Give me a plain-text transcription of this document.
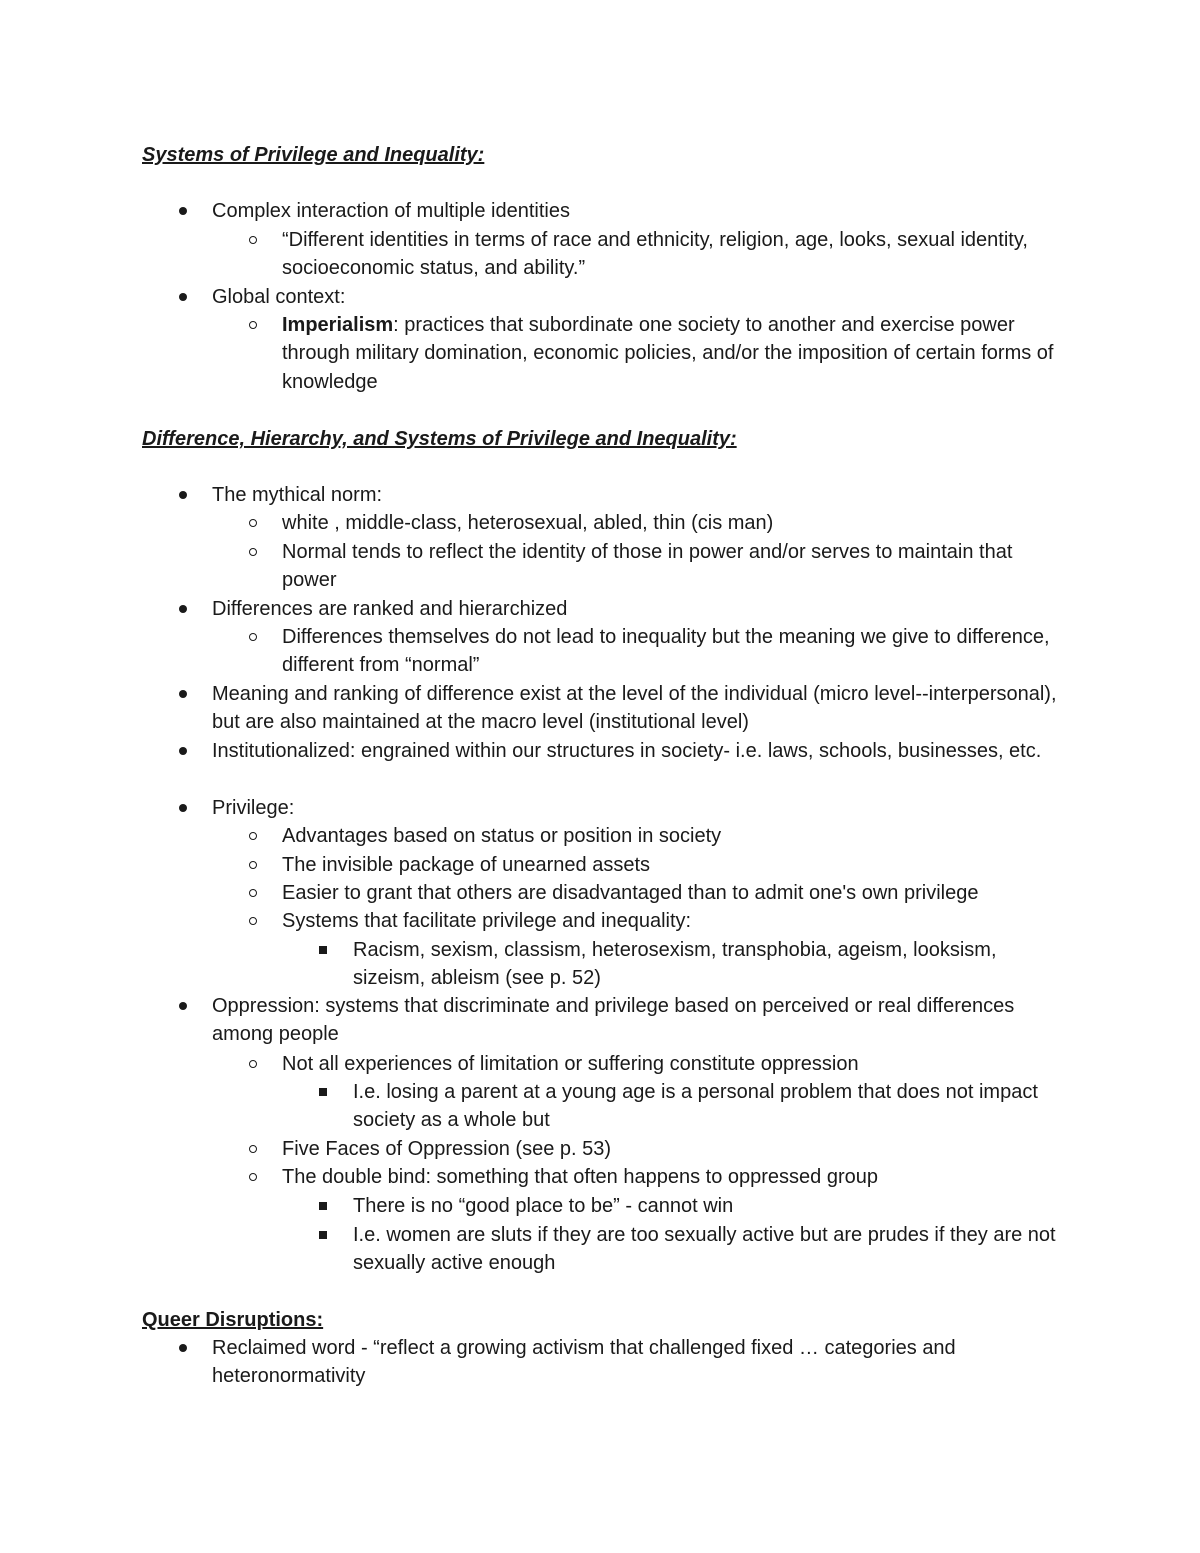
Systems of Privilege and Inequality:
Complex interaction of multiple identities
“Different identities in terms of race and ethnicity, religion, age, looks, sexual identity, socioeconomic status, and ability.”
Global context:
Imperialism: practices that subordinate one society to another and exercise power through military domination, economic policies, and/or the imposition of certain forms of knowledge
Difference, Hierarchy, and Systems of Privilege and Inequality:
The mythical norm:
white , middle-class, heterosexual, abled, thin (cis man)
Normal tends to reflect the identity of those in power and/or serves to maintain that power
Differences are ranked and hierarchized
Differences themselves do not lead to inequality but the meaning we give to difference, different from “normal”
Meaning and ranking of difference exist at the level of the individual (micro level--interpersonal), but are also maintained at the macro level (institutional level)
Institutionalized: engrained within our structures in society- i.e. laws, schools, businesses, etc.
Privilege:
Advantages based on status or position in society
The invisible package of unearned assets
Easier to grant that others are disadvantaged than to admit one's own privilege
Systems that facilitate privilege and inequality:
Racism, sexism, classism, heterosexism, transphobia, ageism, looksism, sizeism, ableism (see p. 52)
Oppression: systems that discriminate and privilege based on perceived or real differences among people
Not all experiences of limitation or suffering constitute oppression
I.e. losing a parent at a young age is a personal problem that does not impact society as a whole but
Five Faces of Oppression (see p. 53)
The double bind: something that often happens to oppressed group
There is no “good place to be” - cannot win
I.e. women are sluts if they are too sexually active but are prudes if they are not sexually active enough
Queer Disruptions:
Reclaimed word - “reflect a growing activism that challenged fixed … categories and heteronormativity
